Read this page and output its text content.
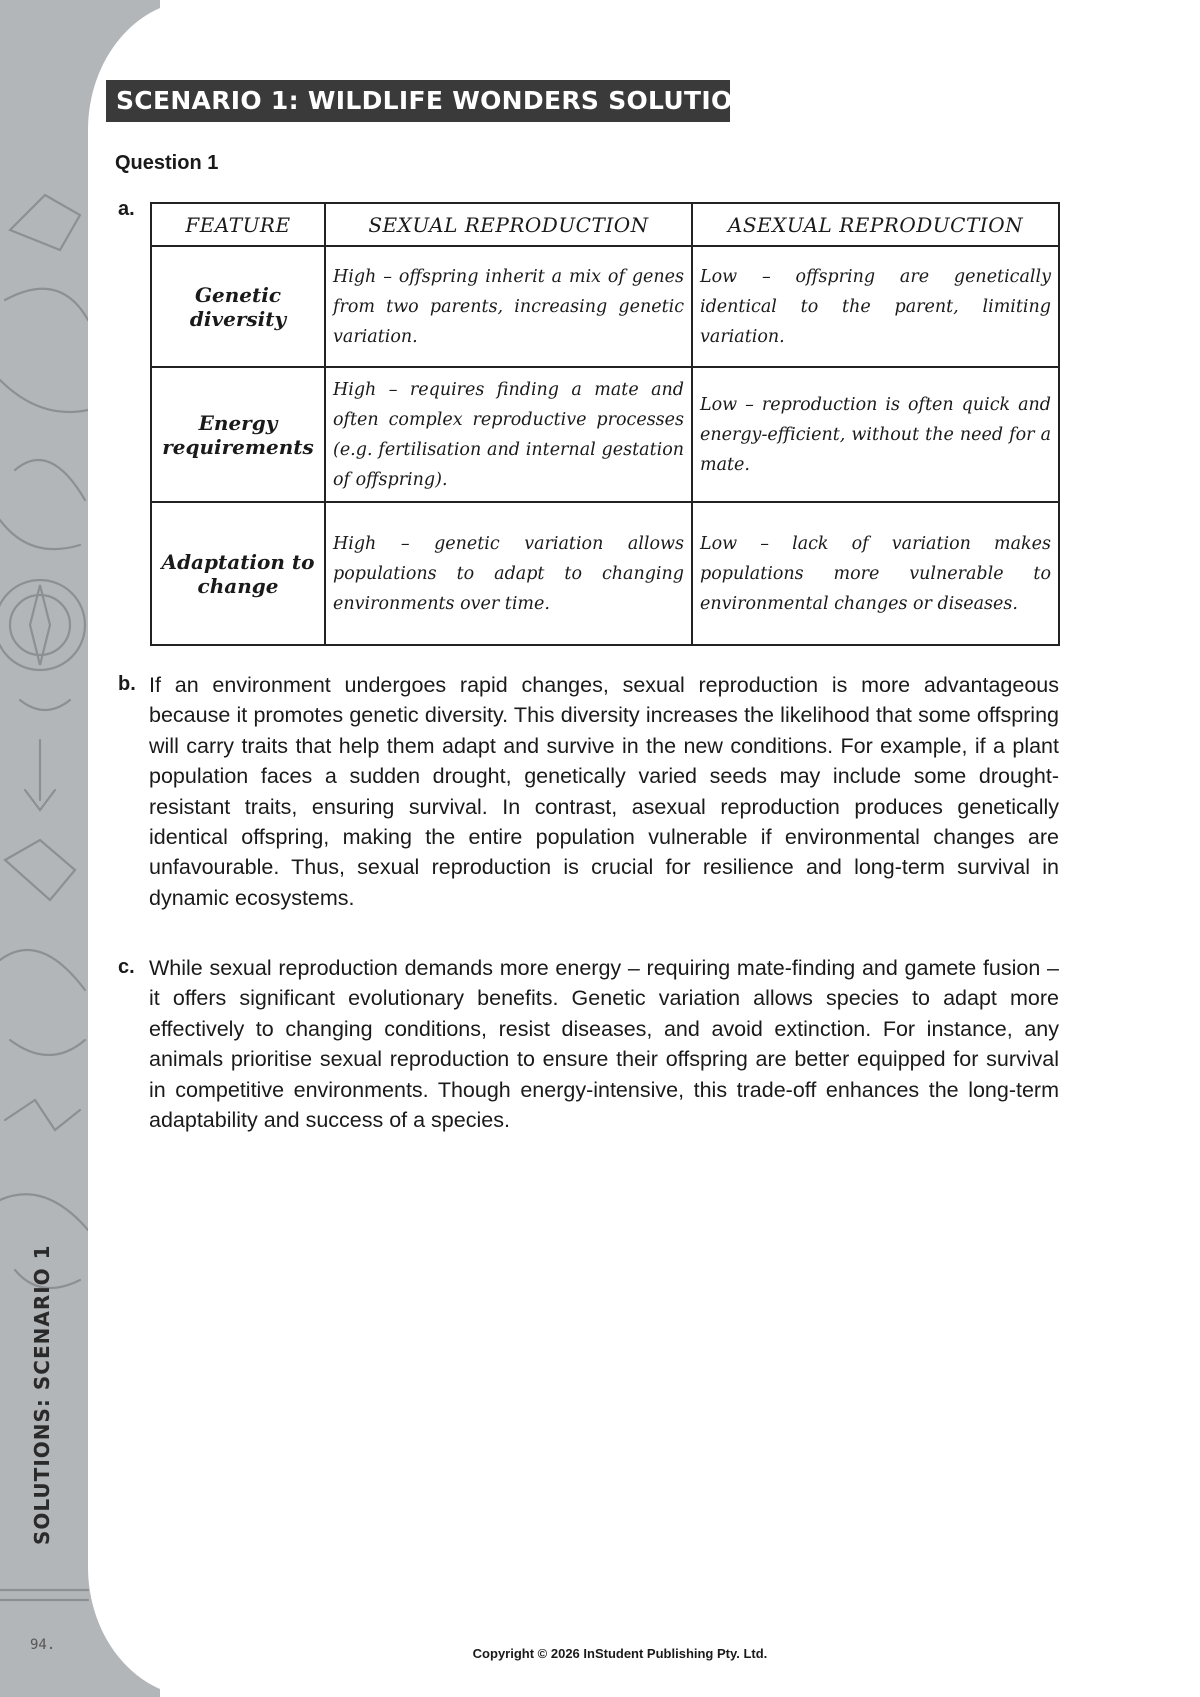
SOLUTIONS: SCENARIO 1
94.
SCENARIO 1: WILDLIFE WONDERS SOLUTIONS
Question 1
a.
FEATURE	SEXUAL REPRODUCTION	ASEXUAL REPRODUCTION
Genetic diversity	High – offspring inherit a mix of genes from two parents, increasing genetic variation.	Low – offspring are genetically identical to the parent, limiting variation.
Energy requirements	High – requires finding a mate and often complex reproductive processes (e.g. fertilisation and internal gestation of offspring).	Low – reproduction is often quick and energy-efficient, without the need for a mate.
Adaptation to change	High – genetic variation allows populations to adapt to changing environments over time.	Low – lack of variation makes populations more vulnerable to environmental changes or diseases.
b. If an environment undergoes rapid changes, sexual reproduction is more advantageous because it promotes genetic diversity. This diversity increases the likelihood that some offspring will carry traits that help them adapt and survive in the new conditions. For example, if a plant population faces a sudden drought, genetically varied seeds may include some drought-resistant traits, ensuring survival. In contrast, asexual reproduction produces genetically identical offspring, making the entire population vulnerable if environmental changes are unfavourable. Thus, sexual reproduction is crucial for resilience and long-term survival in dynamic ecosystems.

c. While sexual reproduction demands more energy – requiring mate-finding and gamete fusion – it offers significant evolutionary benefits. Genetic variation allows species to adapt more effectively to changing conditions, resist diseases, and avoid extinction. For instance, any animals prioritise sexual reproduction to ensure their offspring are better equipped for survival in competitive environments. Though energy-intensive, this trade-off enhances the long-term adaptability and success of a species.

Copyright © 2026 InStudent Publishing Pty. Ltd.
